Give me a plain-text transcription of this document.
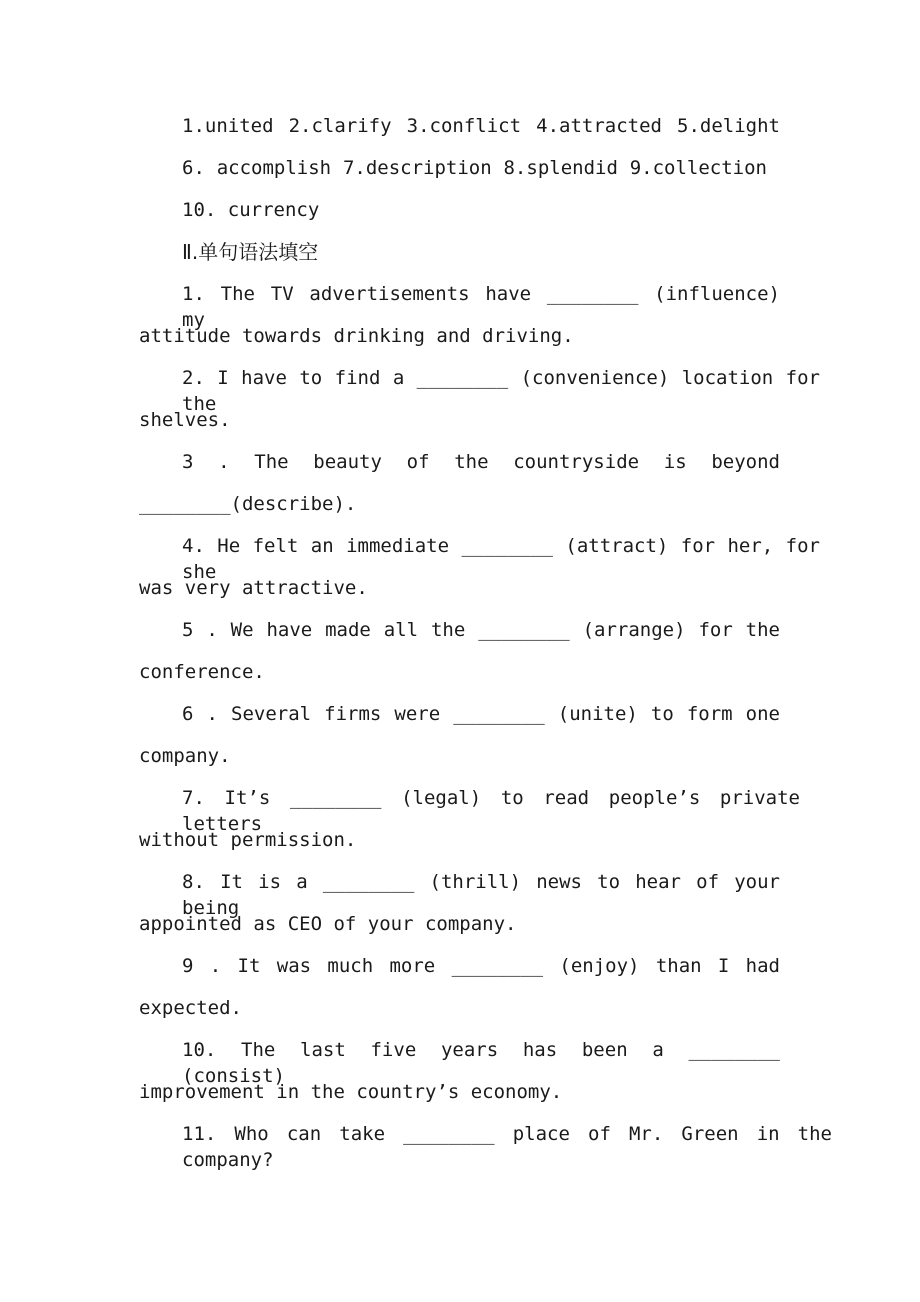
1.united 2.clarify 3.conflict 4.attracted 5.delight
6. accomplish 7.description 8.splendid 9.collection
10. currency
Ⅱ.单句语法填空
1. The TV advertisements have ________ (influence) my
attitude towards drinking and driving.
2. I have to find a ________ (convenience) location for the
shelves.
3 . The beauty of the countryside is beyond
________(describe).
4. He felt an immediate ________ (attract) for her, for she
was very attractive.
5 . We have made all the ________ (arrange) for the
conference.
6 . Several firms were ________ (unite) to form one
company.
7. It’s ________ (legal) to read people’s private letters
without permission.
8. It is a ________ (thrill) news to hear of your being
appointed as CEO of your company.
9 . It was much more ________ (enjoy) than I had
expected.
10. The last five years has been a ________ (consist)
improvement in the country’s economy.
11. Who can take ________ place of Mr. Green in the company?
